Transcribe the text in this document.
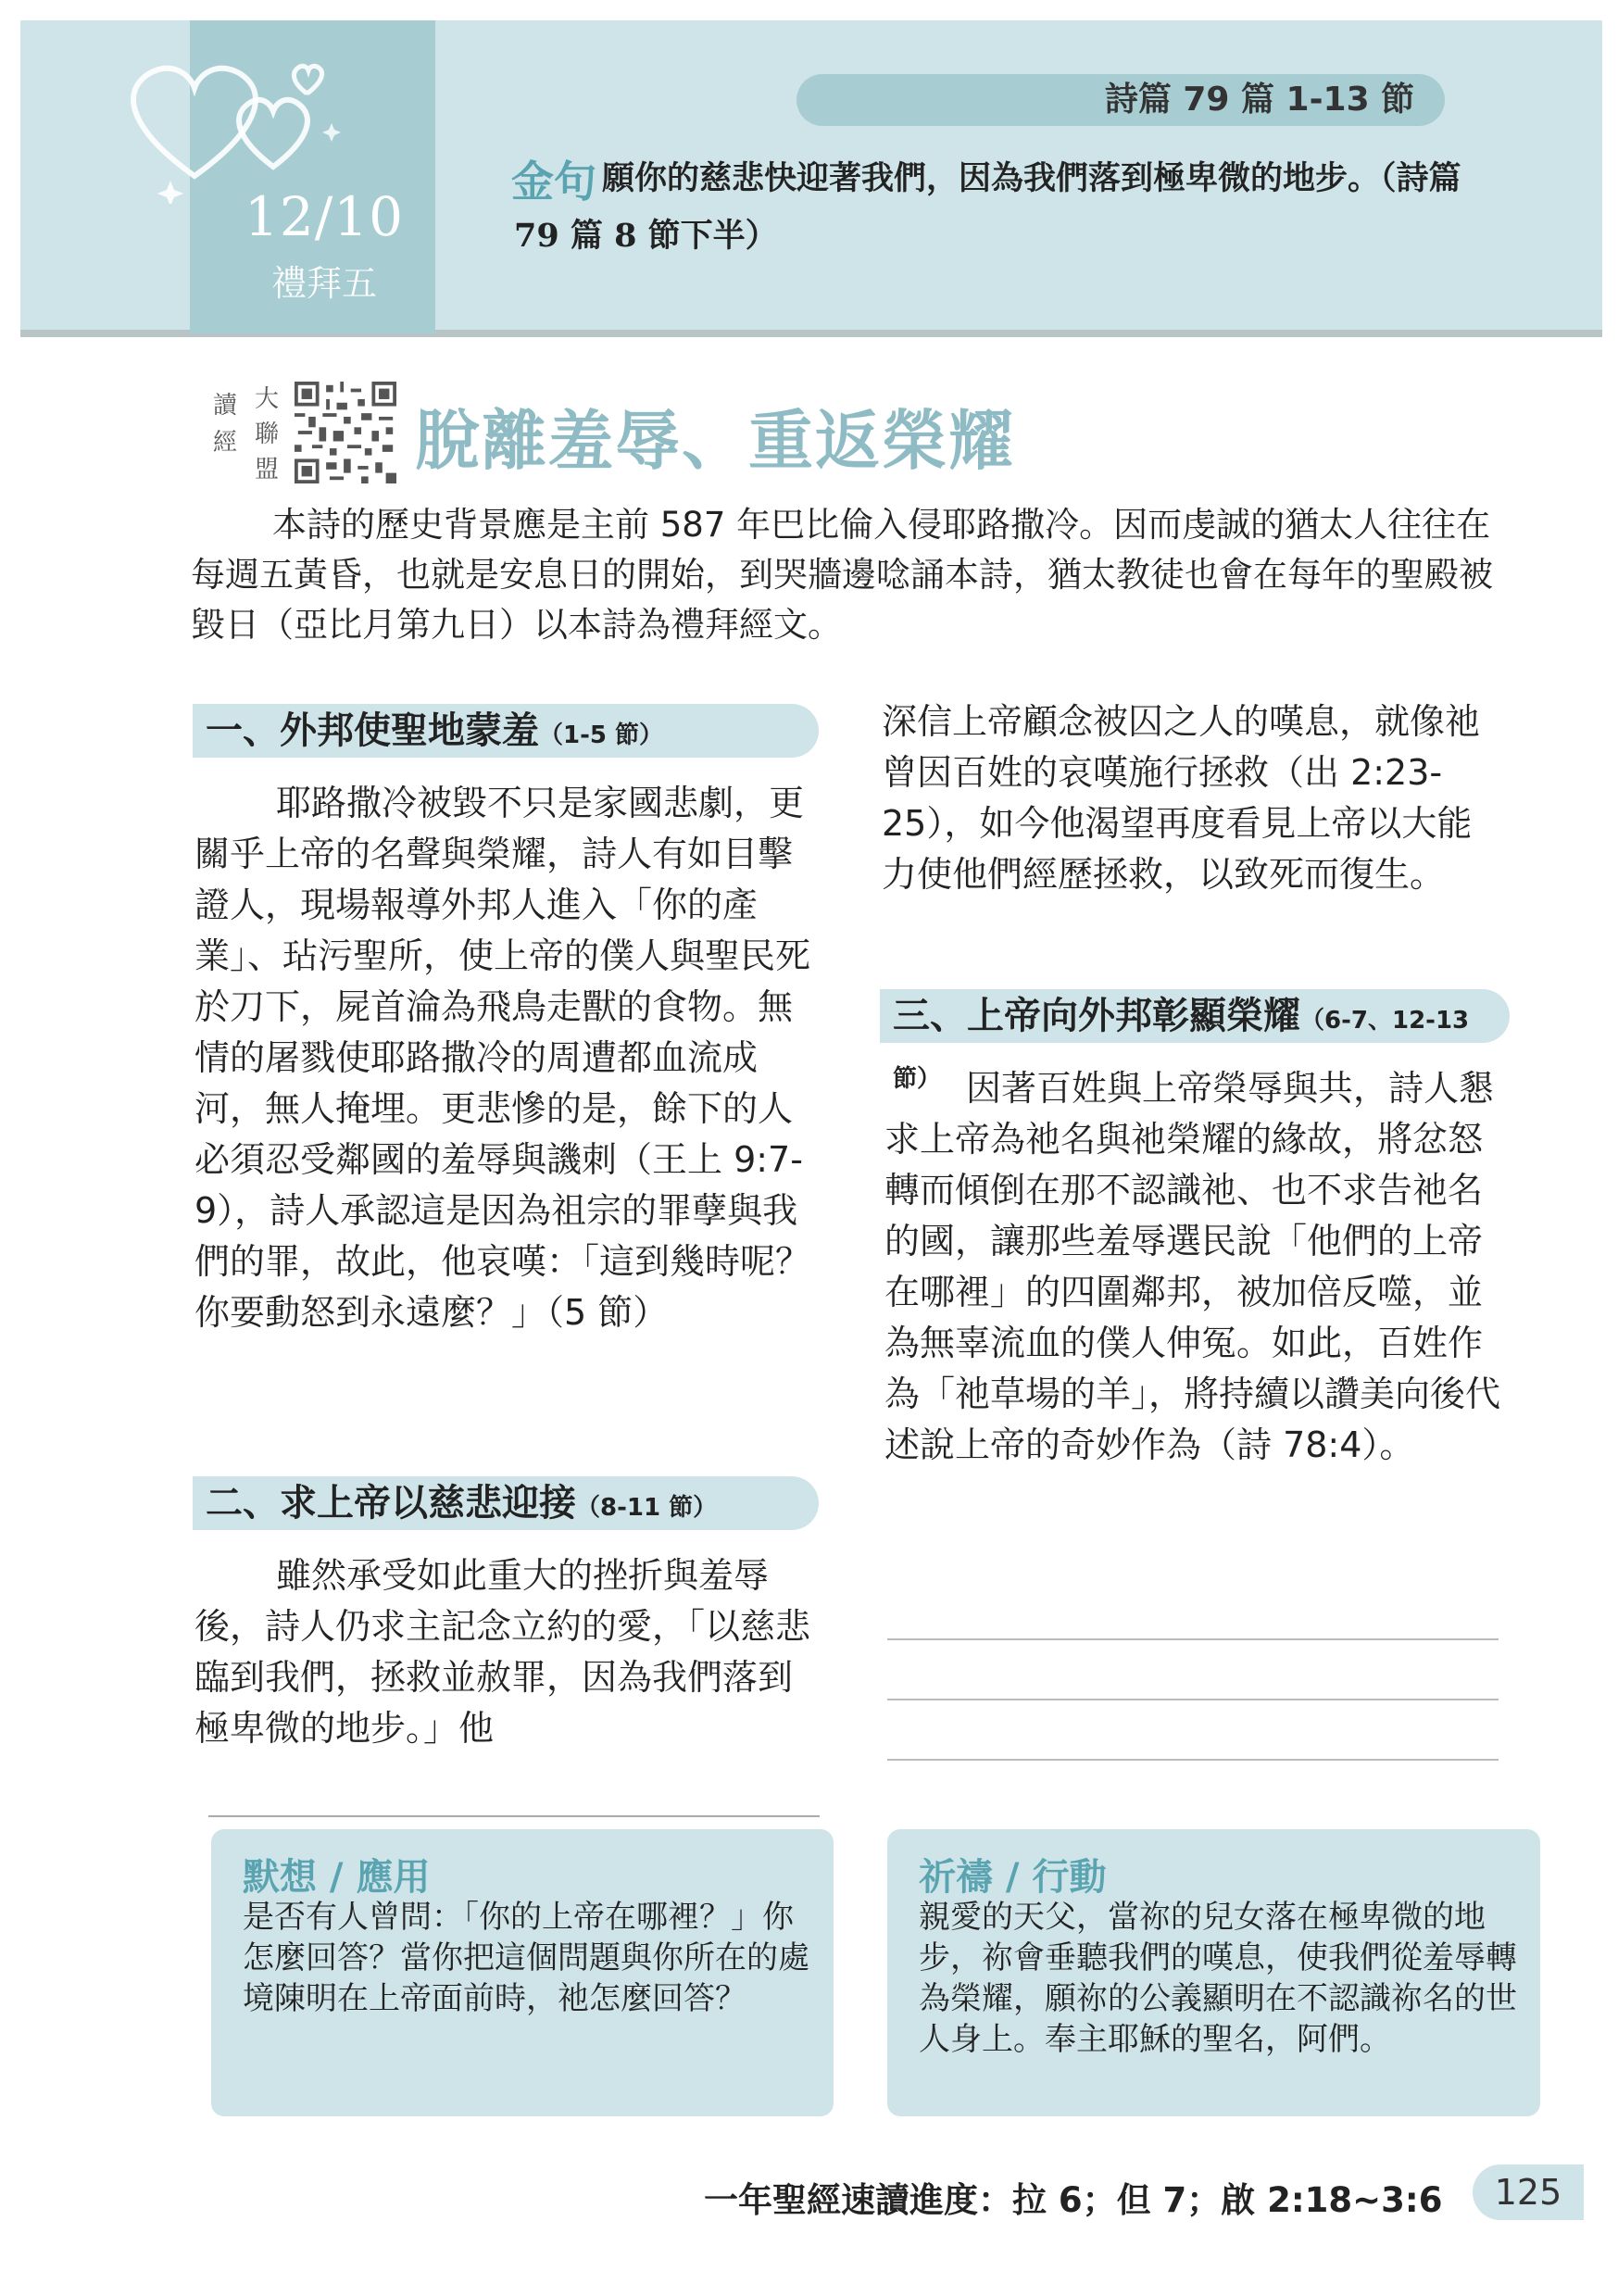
12/10
禮拜五
詩篇 79 篇 1-13 節
金句 願你的慈悲快迎著我們，因為我們落到極卑微的地步。（詩篇 79 篇 8 節下半）
讀經
大聯盟 脫離羞辱、重返榮耀
本詩的歷史背景應是主前 587 年巴比倫入侵耶路撒冷。因而虔誠的猶太人往往在每週五黃昏，也就是安息日的開始，到哭牆邊唸誦本詩，猶太教徒也會在每年的聖殿被毀日（亞比月第九日）以本詩為禮拜經文。
一、外邦使聖地蒙羞（1-5 節）
耶路撒冷被毀不只是家國悲劇，更關乎上帝的名聲與榮耀，詩人有如目擊證人，現場報導外邦人進入「你的產業」、玷污聖所，使上帝的僕人與聖民死於刀下，屍首淪為飛鳥走獸的食物。無情的屠戮使耶路撒冷的周遭都血流成河，無人掩埋。更悲慘的是，餘下的人必須忍受鄰國的羞辱與譏刺（王上 9:7-9），詩人承認這是因為祖宗的罪孽與我們的罪，故此，他哀嘆：「這到幾時呢？你要動怒到永遠麼？」（5 節）
二、求上帝以慈悲迎接（8-11 節）
雖然承受如此重大的挫折與羞辱後，詩人仍求主記念立約的愛，「以慈悲臨到我們，拯救並赦罪，因為我們落到極卑微的地步。」他
深信上帝顧念被囚之人的嘆息，就像祂曾因百姓的哀嘆施行拯救（出 2:23-25），如今他渴望再度看見上帝以大能力使他們經歷拯救，以致死而復生。
三、上帝向外邦彰顯榮耀（6-7、12-13 節） 因著百姓與上帝榮辱與共，詩人懇求上帝為祂名與祂榮耀的緣故，將忿怒轉而傾倒在那不認識祂、也不求告祂名的國，讓那些羞辱選民說「他們的上帝在哪裡」的四圍鄰邦，被加倍反噬，並為無辜流血的僕人伸冤。如此，百姓作為「祂草場的羊」，將持續以讚美向後代述說上帝的奇妙作為（詩 78:4）。
默想 / 應用
是否有人曾問：「你的上帝在哪裡？」你怎麼回答？當你把這個問題與你所在的處境陳明在上帝面前時，祂怎麼回答？
祈禱 / 行動
親愛的天父，當祢的兒女落在極卑微的地步，祢會垂聽我們的嘆息，使我們從羞辱轉為榮耀，願祢的公義顯明在不認識祢名的世人身上。奉主耶穌的聖名，阿們。
一年聖經速讀進度：拉 6；但 7；啟 2:18~3:6	125
